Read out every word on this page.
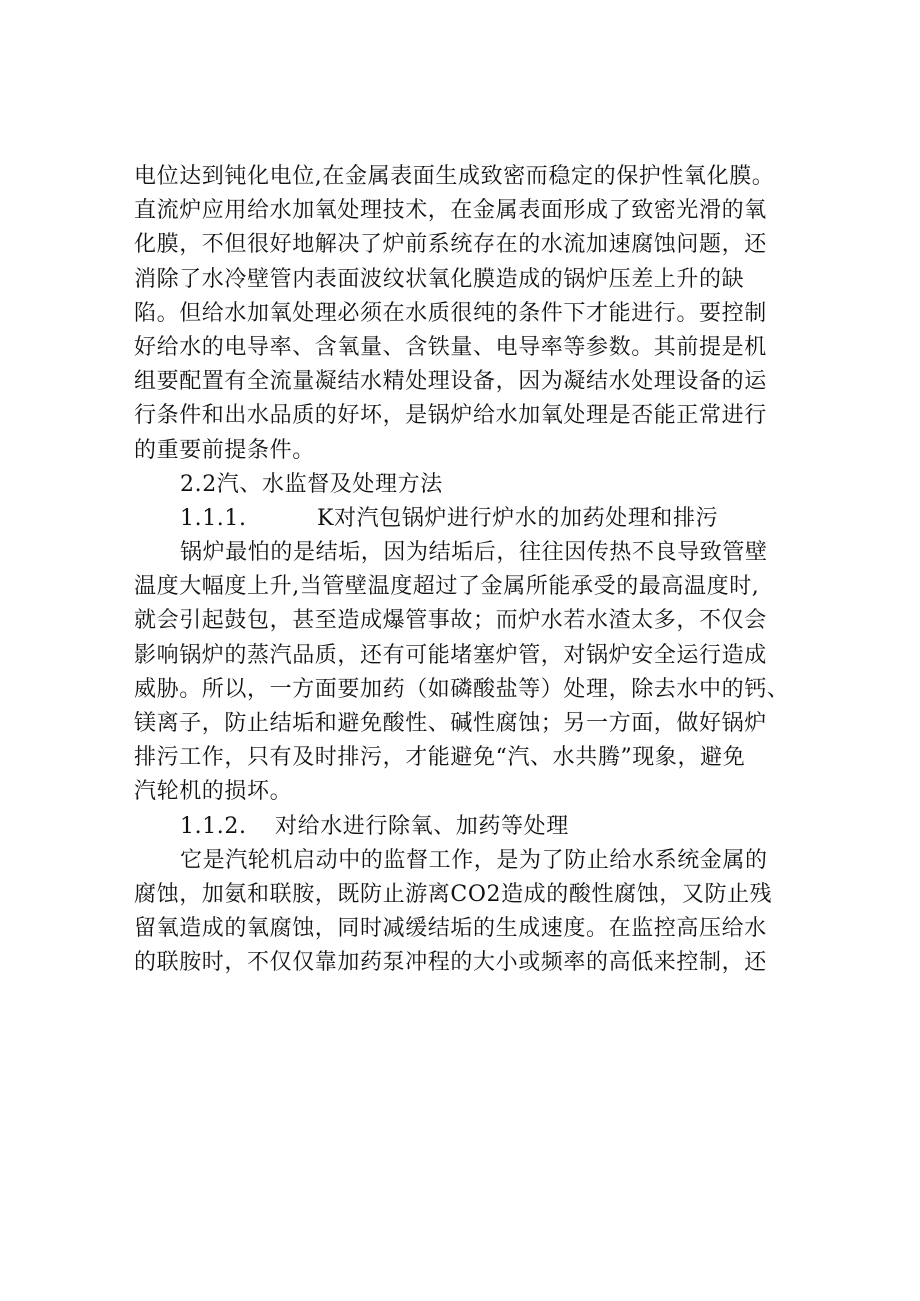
电位达到钝化电位,在金属表面生成致密而稳定的保护性氧化膜。
直流炉应用给水加氧处理技术，在金属表面形成了致密光滑的氧
化膜，不但很好地解决了炉前系统存在的水流加速腐蚀问题，还
消除了水冷壁管内表面波纹状氧化膜造成的锅炉压差上升的缺
陷。但给水加氧处理必须在水质很纯的条件下才能进行。要控制
好给水的电导率、含氧量、含铁量、电导率等参数。其前提是机
组要配置有全流量凝结水精处理设备，因为凝结水处理设备的运
行条件和出水品质的好坏，是锅炉给水加氧处理是否能正常进行
的重要前提条件。
2.2汽、水监督及处理方法
1.1.1.	K对汽包锅炉进行炉水的加药处理和排污
锅炉最怕的是结垢，因为结垢后，往往因传热不良导致管壁
温度大幅度上升,当管壁温度超过了金属所能承受的最高温度时,
就会引起鼓包，甚至造成爆管事故；而炉水若水渣太多，不仅会
影响锅炉的蒸汽品质，还有可能堵塞炉管，对锅炉安全运行造成
威胁。所以，一方面要加药（如磷酸盐等）处理，除去水中的钙、
镁离子，防止结垢和避免酸性、碱性腐蚀；另一方面，做好锅炉
排污工作，只有及时排污，才能避免“汽、水共腾”现象，避免
汽轮机的损坏。
1.1.2. 对给水进行除氧、加药等处理
它是汽轮机启动中的监督工作，是为了防止给水系统金属的
腐蚀，加氨和联胺，既防止游离CO2造成的酸性腐蚀，又防止残
留氧造成的氧腐蚀，同时减缓结垢的生成速度。在监控高压给水
的联胺时，不仅仅靠加药泵冲程的大小或频率的高低来控制，还
